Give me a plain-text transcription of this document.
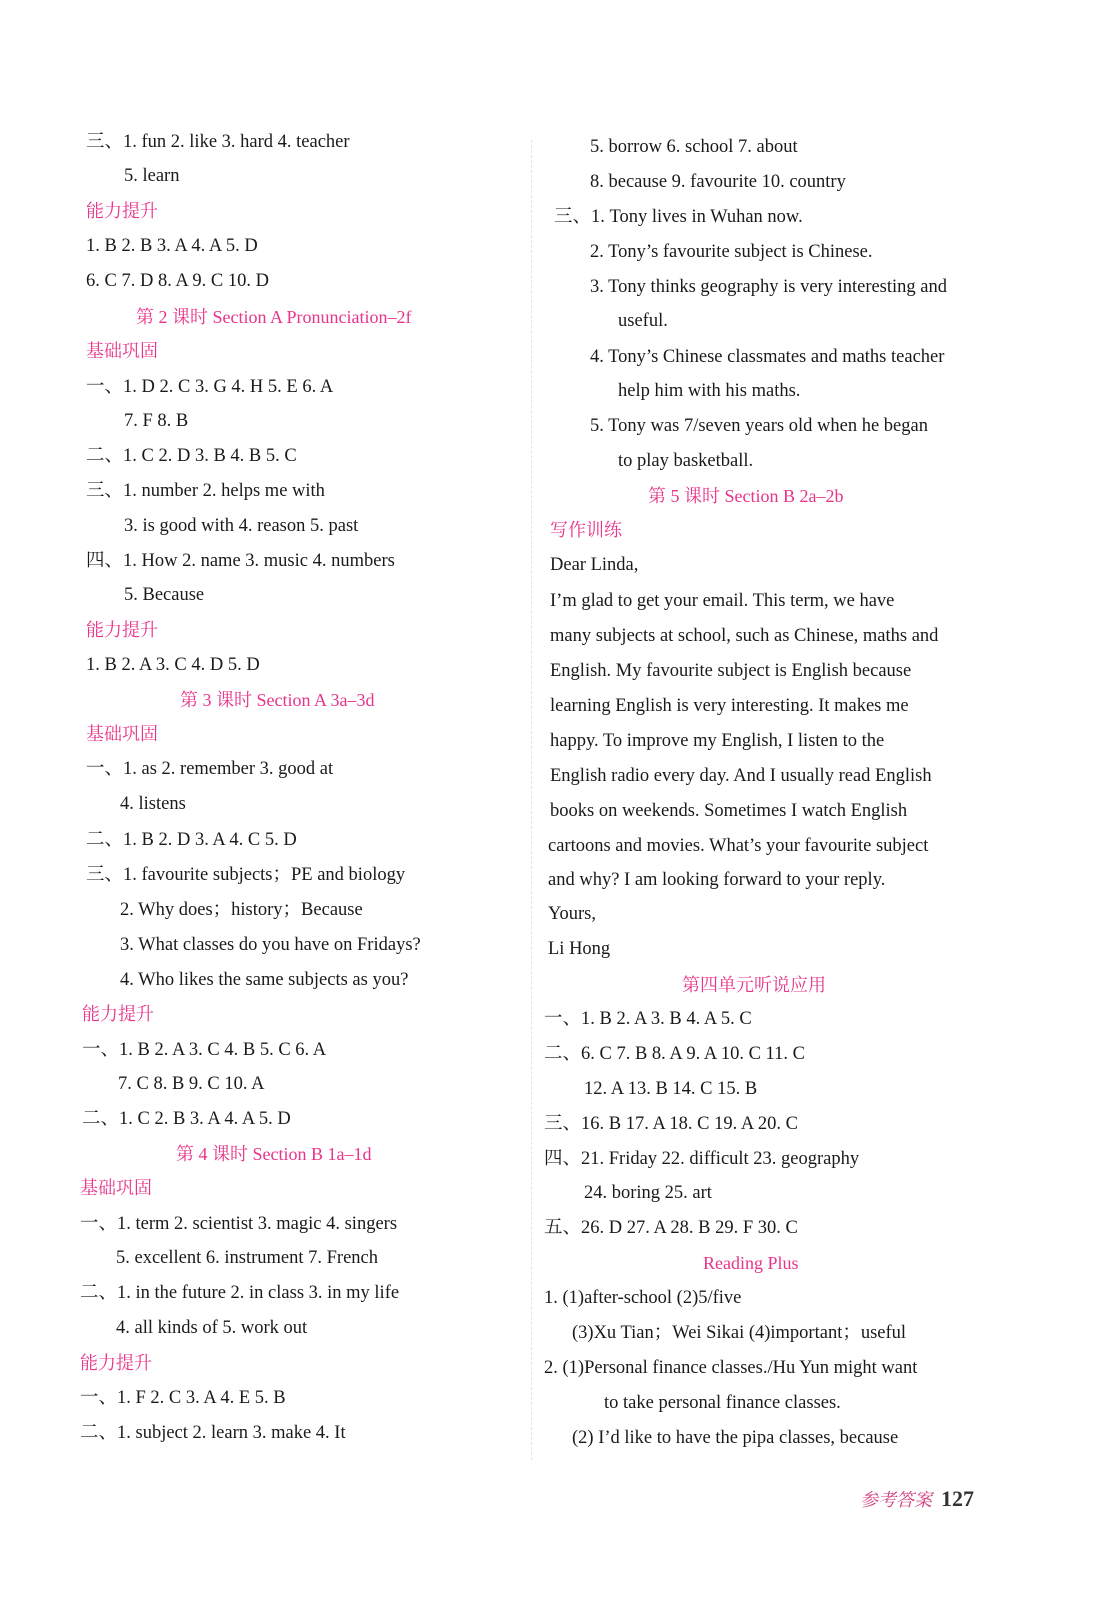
三、1. fun 2. like 3. hard 4. teacher
5. learn
能力提升
1. B 2. B 3. A 4. A 5. D
6. C 7. D 8. A 9. C 10. D
第 2 课时 Section A Pronunciation–2f
基础巩固
一、1. D 2. C 3. G 4. H 5. E 6. A
7. F 8. B
二、1. C 2. D 3. B 4. B 5. C
三、1. number 2. helps me with
3. is good with 4. reason 5. past
四、1. How 2. name 3. music 4. numbers
5. Because
能力提升
1. B 2. A 3. C 4. D 5. D
第 3 课时 Section A 3a–3d
基础巩固
一、1. as 2. remember 3. good at
4. listens
二、1. B 2. D 3. A 4. C 5. D
三、1. favourite subjects；PE and biology
2. Why does；history；Because
3. What classes do you have on Fridays?
4. Who likes the same subjects as you?
能力提升
一、1. B 2. A 3. C 4. B 5. C 6. A
7. C 8. B 9. C 10. A
二、1. C 2. B 3. A 4. A 5. D
第 4 课时 Section B 1a–1d
基础巩固
一、1. term 2. scientist 3. magic 4. singers
5. excellent 6. instrument 7. French
二、1. in the future 2. in class 3. in my life
4. all kinds of 5. work out
能力提升
一、1. F 2. C 3. A 4. E 5. B
二、1. subject 2. learn 3. make 4. It
5. borrow 6. school 7. about
8. because 9. favourite 10. country
三、1. Tony lives in Wuhan now.
2. Tony’s favourite subject is Chinese.
3. Tony thinks geography is very interesting and
useful.
4. Tony’s Chinese classmates and maths teacher
help him with his maths.
5. Tony was 7/seven years old when he began
to play basketball.
第 5 课时 Section B 2a–2b
写作训练
Dear Linda,
I’m glad to get your email. This term, we have
many subjects at school, such as Chinese, maths and
English. My favourite subject is English because
learning English is very interesting. It makes me
happy. To improve my English, I listen to the
English radio every day. And I usually read English
books on weekends. Sometimes I watch English
cartoons and movies. What’s your favourite subject
and why? I am looking forward to your reply.
Yours,
Li Hong
第四单元听说应用
一、1. B 2. A 3. B 4. A 5. C
二、6. C 7. B 8. A 9. A 10. C 11. C
12. A 13. B 14. C 15. B
三、16. B 17. A 18. C 19. A 20. C
四、21. Friday 22. difficult 23. geography
24. boring 25. art
五、26. D 27. A 28. B 29. F 30. C
Reading Plus
1. (1)after-school (2)5/five
(3)Xu Tian；Wei Sikai (4)important；useful
2. (1)Personal finance classes./Hu Yun might want
to take personal finance classes.
(2) I’d like to have the pipa classes, because
参考答案 127
